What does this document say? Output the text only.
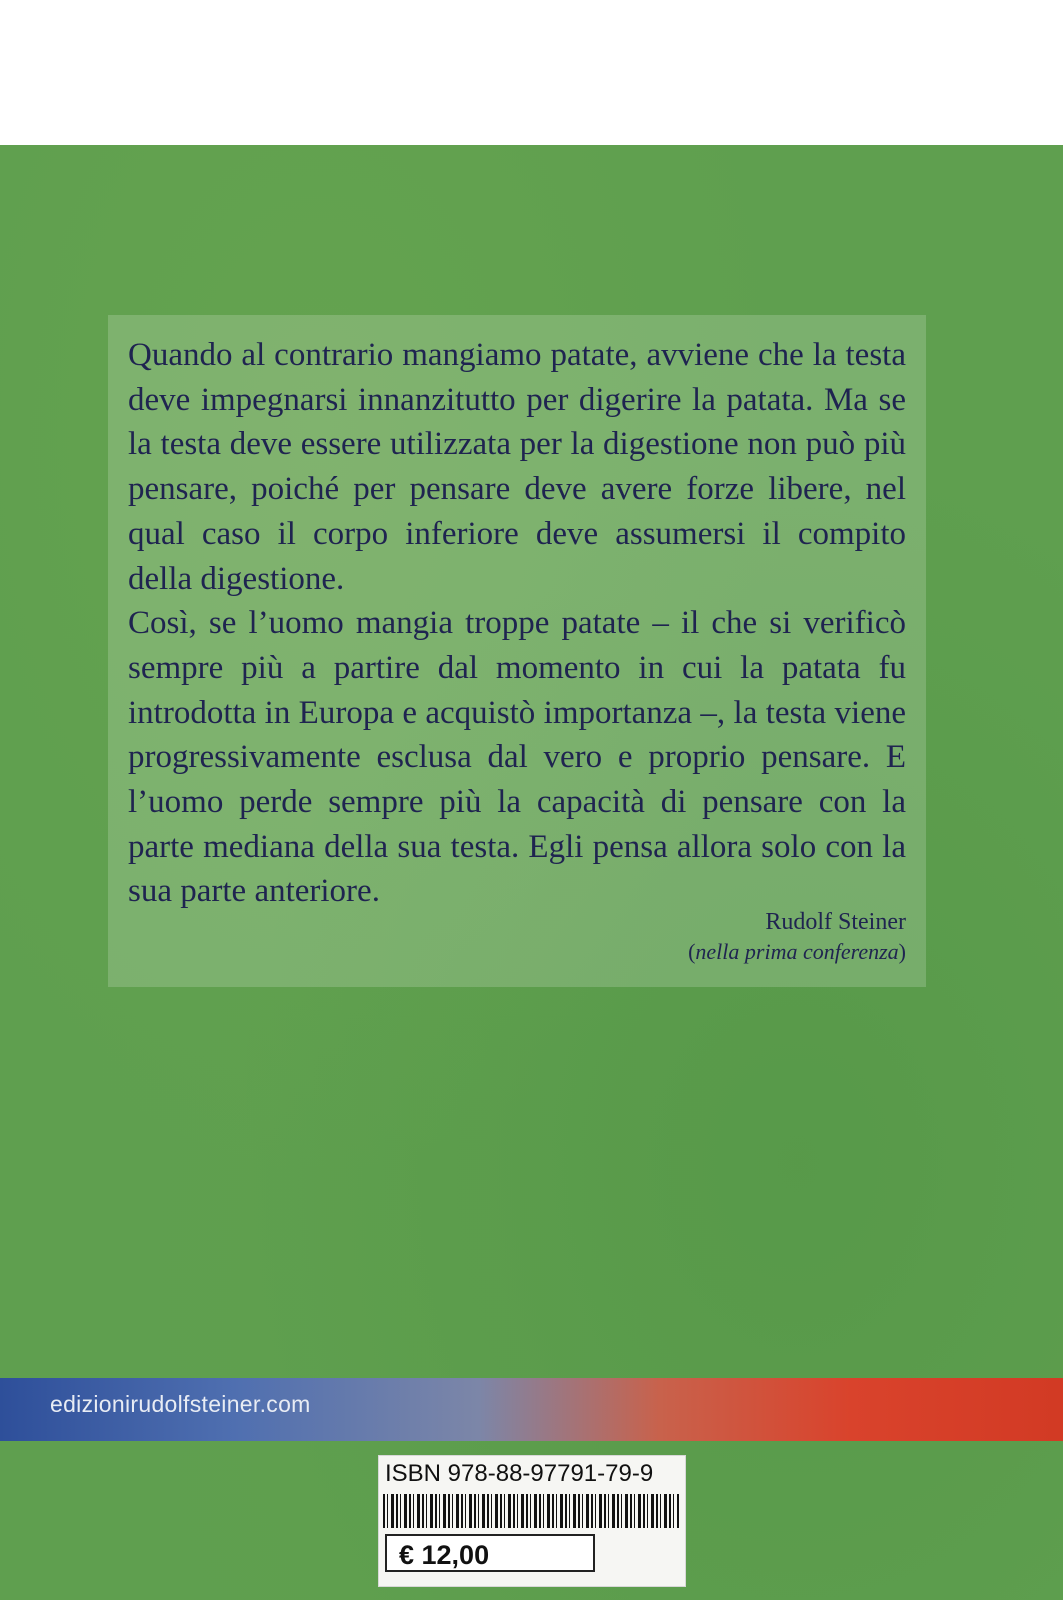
Quando al contrario mangiamo patate, avviene che la testa deve impegnarsi innanzitutto per digerire la patata. Ma se la testa deve essere utilizzata per la digestione non può più pensare, poiché per pensare deve avere forze libere, nel qual caso il corpo inferiore deve assumersi il compito della digestione.

Così, se l’uomo mangia troppe patate – il che si verificò sempre più a partire dal momento in cui la patata fu introdotta in Europa e acquistò importanza –, la testa viene progressivamente esclusa dal vero e proprio pensare. E l’uomo perde sempre più la capacità di pensare con la parte mediana della sua testa. Egli pensa allora solo con la sua parte anteriore.

Rudolf Steiner
(nella prima conferenza)
edizionirudolfsteiner.com
ISBN 978-88-97791-79-9
€ 12,00
